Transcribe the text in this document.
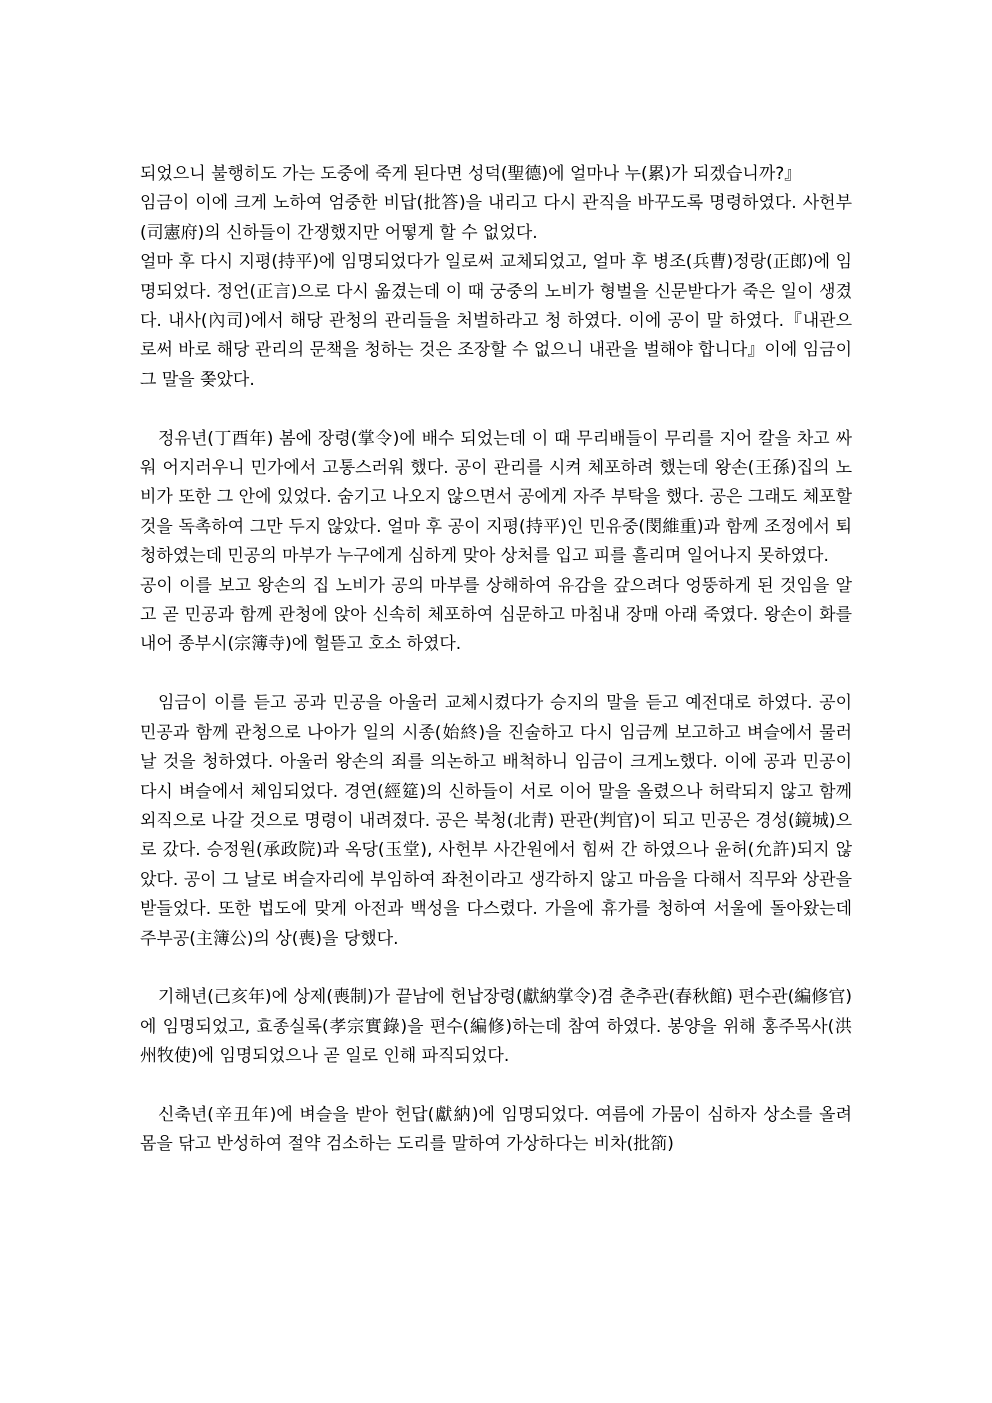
되었으니 불행히도 가는 도중에 죽게 된다면 성덕(聖德)에 얼마나 누(累)가 되겠습니까?』

임금이 이에 크게 노하여 엄중한 비답(批答)을 내리고 다시 관직을 바꾸도록 명령하였다. 사헌부(司憲府)의 신하들이 간쟁했지만 어떻게 할 수 없었다.

얼마 후 다시 지평(持平)에 임명되었다가 일로써 교체되었고, 얼마 후 병조(兵曹)정랑(正郎)에 임명되었다. 정언(正言)으로 다시 옮겼는데 이 때 궁중의 노비가 형벌을 신문받다가 죽은 일이 생겼다. 내사(內司)에서 해당 관청의 관리들을 처벌하라고 청 하였다. 이에 공이 말 하였다.『내관으로써 바로 해당 관리의 문책을 청하는 것은 조장할 수 없으니 내관을 벌해야 합니다』이에 임금이 그 말을 쫒았다.

정유년(丁酉年) 봄에 장령(掌令)에 배수 되었는데 이 때 무리배들이 무리를 지어 칼을 차고 싸워 어지러우니 민가에서 고통스러워 했다. 공이 관리를 시켜 체포하려 했는데 왕손(王孫)집의 노비가 또한 그 안에 있었다. 숨기고 나오지 않으면서 공에게 자주 부탁을 했다. 공은 그래도 체포할 것을 독촉하여 그만 두지 않았다. 얼마 후 공이 지평(持平)인 민유중(閔維重)과 함께 조정에서 퇴청하였는데 민공의 마부가 누구에게 심하게 맞아 상처를 입고 피를 흘리며 일어나지 못하였다.

공이 이를 보고 왕손의 집 노비가 공의 마부를 상해하여 유감을 갚으려다 엉뚱하게 된 것임을 알고 곧 민공과 함께 관청에 앉아 신속히 체포하여 심문하고 마침내 장매 아래 죽였다. 왕손이 화를 내어 종부시(宗簿寺)에 헐뜯고 호소 하였다.

임금이 이를 듣고 공과 민공을 아울러 교체시켰다가 승지의 말을 듣고 예전대로 하였다. 공이 민공과 함께 관청으로 나아가 일의 시종(始終)을 진술하고 다시 임금께 보고하고 벼슬에서 물러날 것을 청하였다. 아울러 왕손의 죄를 의논하고 배척하니 임금이 크게노했다. 이에 공과 민공이 다시 벼슬에서 체임되었다. 경연(經筵)의 신하들이 서로 이어 말을 올렸으나 허락되지 않고 함께 외직으로 나갈 것으로 명령이 내려졌다. 공은 북청(北靑) 판관(判官)이 되고 민공은 경성(鏡城)으로 갔다. 승정원(承政院)과 옥당(玉堂), 사헌부 사간원에서 힘써 간 하였으나 윤허(允許)되지 않았다. 공이 그 날로 벼슬자리에 부임하여 좌천이라고 생각하지 않고 마음을 다해서 직무와 상관을 받들었다. 또한 법도에 맞게 아전과 백성을 다스렸다. 가을에 휴가를 청하여 서울에 돌아왔는데 주부공(主簿公)의 상(喪)을 당했다.

기해년(己亥年)에 상제(喪制)가 끝남에 헌납장령(獻納掌令)겸 춘추관(春秋館) 편수관(編修官)에 임명되었고, 효종실록(孝宗實錄)을 편수(編修)하는데 참여 하였다. 봉양을 위해 홍주목사(洪州牧使)에 임명되었으나 곧 일로 인해 파직되었다.

신축년(辛丑年)에 벼슬을 받아 헌답(獻納)에 임명되었다. 여름에 가뭄이 심하자 상소를 올려 몸을 닦고 반성하여 절약 검소하는 도리를 말하여 가상하다는 비차(批箚)
